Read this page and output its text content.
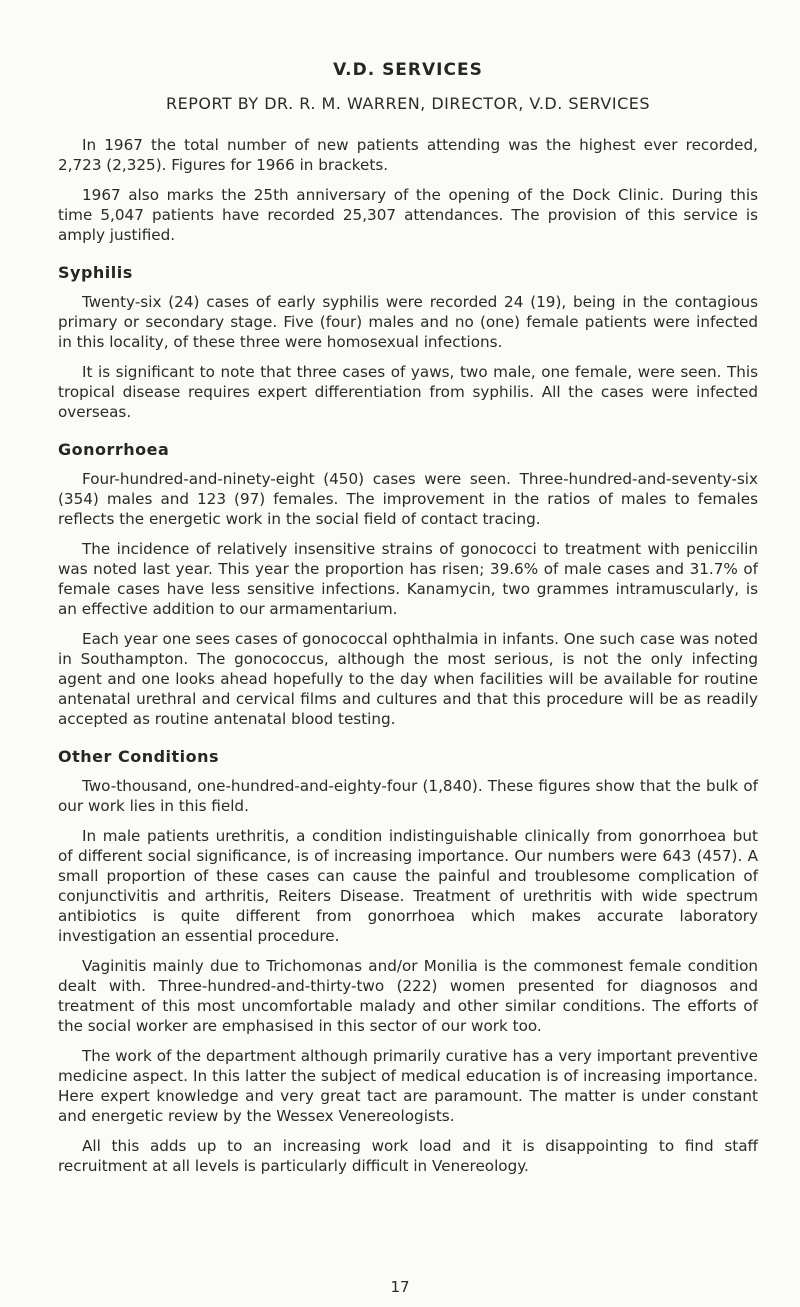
V.D. SERVICES
REPORT BY DR. R. M. WARREN, DIRECTOR, V.D. SERVICES

In 1967 the total number of new patients attending was the highest ever recorded, 2,723 (2,325). Figures for 1966 in brackets.

1967 also marks the 25th anniversary of the opening of the Dock Clinic. During this time 5,047 patients have recorded 25,307 attendances. The provision of this service is amply justified.

Syphilis

Twenty-six (24) cases of early syphilis were recorded 24 (19), being in the contagious primary or secondary stage. Five (four) males and no (one) female patients were infected in this locality, of these three were homosexual infections.

It is significant to note that three cases of yaws, two male, one female, were seen. This tropical disease requires expert differentiation from syphilis. All the cases were infected overseas.

Gonorrhoea

Four-hundred-and-ninety-eight (450) cases were seen. Three-hundred-and-seventy-six (354) males and 123 (97) females. The improvement in the ratios of males to females reflects the energetic work in the social field of contact tracing.

The incidence of relatively insensitive strains of gonococci to treatment with peniccilin was noted last year. This year the proportion has risen; 39.6% of male cases and 31.7% of female cases have less sensitive infections. Kanamycin, two grammes intramuscularly, is an effective addition to our armamentarium.

Each year one sees cases of gonococcal ophthalmia in infants. One such case was noted in Southampton. The gonococcus, although the most serious, is not the only infecting agent and one looks ahead hopefully to the day when facilities will be available for routine antenatal urethral and cervical films and cultures and that this procedure will be as readily accepted as routine antenatal blood testing.

Other Conditions

Two-thousand, one-hundred-and-eighty-four (1,840). These figures show that the bulk of our work lies in this field.

In male patients urethritis, a condition indistinguishable clinically from gonorrhoea but of different social significance, is of increasing importance. Our numbers were 643 (457). A small proportion of these cases can cause the painful and troublesome complication of conjunctivitis and arthritis, Reiters Disease. Treatment of urethritis with wide spectrum antibiotics is quite different from gonorrhoea which makes accurate laboratory investigation an essential procedure.

Vaginitis mainly due to Trichomonas and/or Monilia is the commonest female condition dealt with. Three-hundred-and-thirty-two (222) women presented for diagnosos and treatment of this most uncomfortable malady and other similar conditions. The efforts of the social worker are emphasised in this sector of our work too.

The work of the department although primarily curative has a very important preventive medicine aspect. In this latter the subject of medical education is of increasing importance. Here expert knowledge and very great tact are paramount. The matter is under constant and energetic review by the Wessex Venereologists.

All this adds up to an increasing work load and it is disappointing to find staff recruitment at all levels is particularly difficult in Venereology.

17
